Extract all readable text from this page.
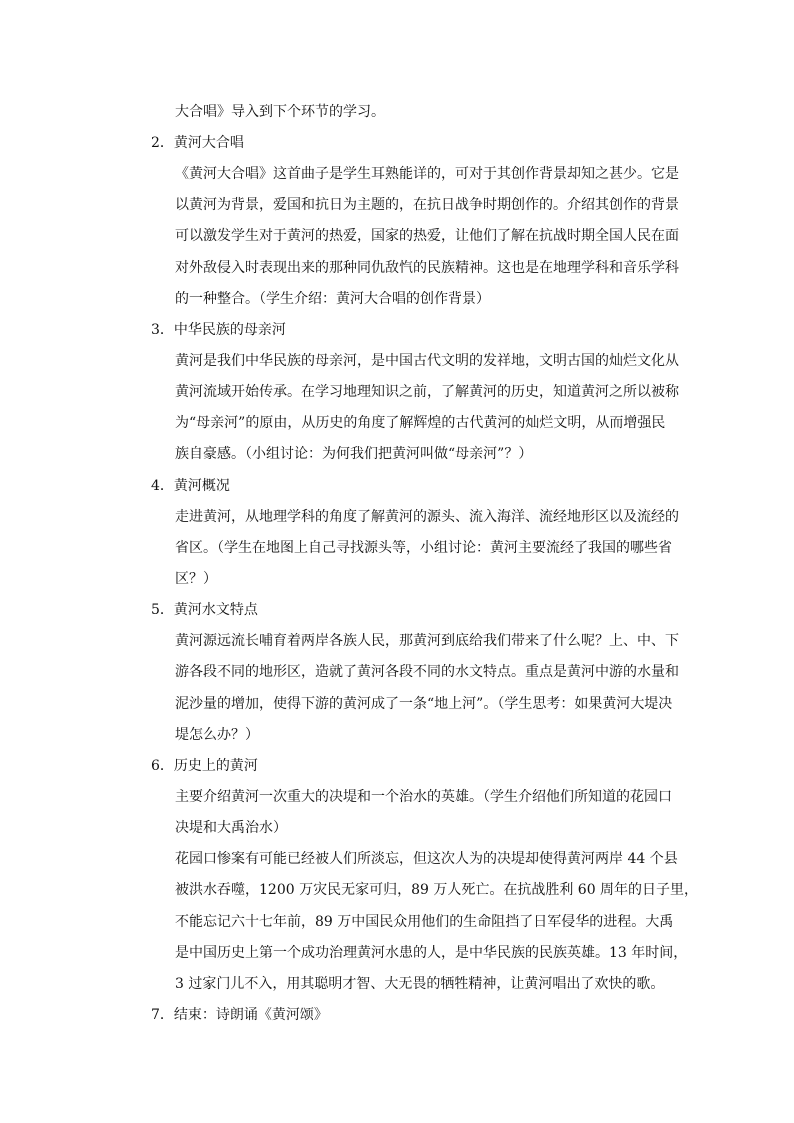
大合唱》导入到下个环节的学习。
2．黄河大合唱
《黄河大合唱》这首曲子是学生耳熟能详的，可对于其创作背景却知之甚少。它是
以黄河为背景，爱国和抗日为主题的，在抗日战争时期创作的。介绍其创作的背景
可以激发学生对于黄河的热爱，国家的热爱，让他们了解在抗战时期全国人民在面
对外敌侵入时表现出来的那种同仇敌忾的民族精神。这也是在地理学科和音乐学科
的一种整合。（学生介绍：黄河大合唱的创作背景）
3．中华民族的母亲河
黄河是我们中华民族的母亲河，是中国古代文明的发祥地，文明古国的灿烂文化从
黄河流域开始传承。在学习地理知识之前，了解黄河的历史，知道黄河之所以被称
为“母亲河”的原由，从历史的角度了解辉煌的古代黄河的灿烂文明，从而增强民
族自豪感。（小组讨论：为何我们把黄河叫做“母亲河”？）
4．黄河概况
走进黄河，从地理学科的角度了解黄河的源头、流入海洋、流经地形区以及流经的
省区。（学生在地图上自己寻找源头等，小组讨论：黄河主要流经了我国的哪些省
区？）
5．黄河水文特点
黄河源远流长哺育着两岸各族人民，那黄河到底给我们带来了什么呢？上、中、下
游各段不同的地形区，造就了黄河各段不同的水文特点。重点是黄河中游的水量和
泥沙量的增加，使得下游的黄河成了一条“地上河”。（学生思考：如果黄河大堤决
堤怎么办？）
6．历史上的黄河
主要介绍黄河一次重大的决堤和一个治水的英雄。（学生介绍他们所知道的花园口
决堤和大禹治水）
花园口惨案有可能已经被人们所淡忘，但这次人为的决堤却使得黄河两岸 44 个县
被洪水吞噬，1200 万灾民无家可归，89 万人死亡。在抗战胜利 60 周年的日子里，
不能忘记六十七年前，89 万中国民众用他们的生命阻挡了日军侵华的进程。大禹
是中国历史上第一个成功治理黄河水患的人，是中华民族的民族英雄。13 年时间，
3 过家门儿不入，用其聪明才智、大无畏的牺牲精神，让黄河唱出了欢快的歌。
7．结束：诗朗诵《黄河颂》
